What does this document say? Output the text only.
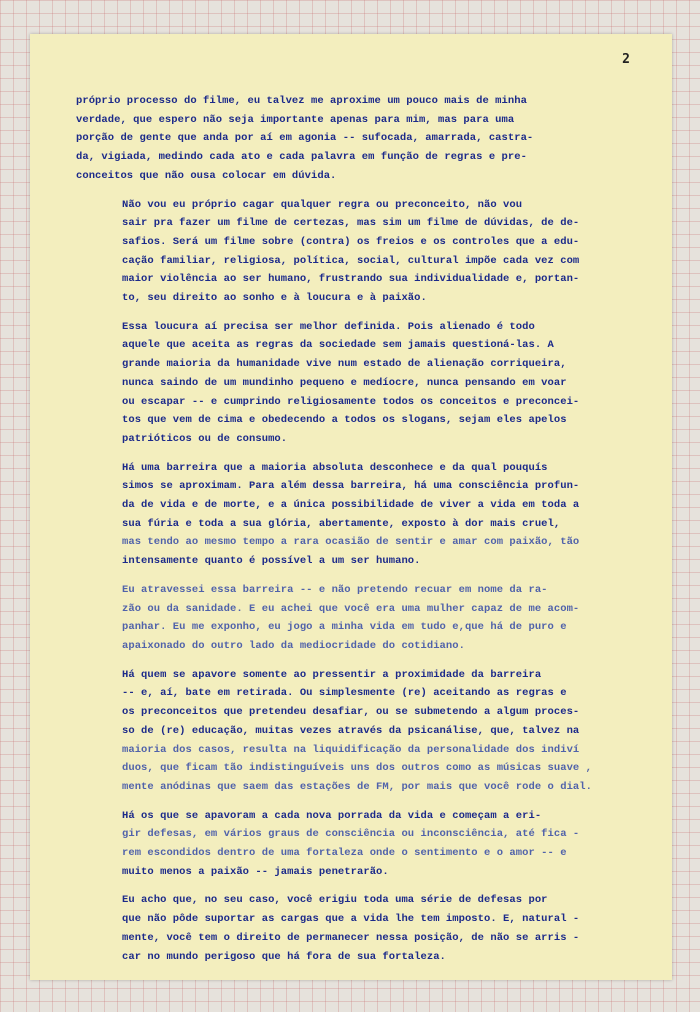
2
próprio processo do filme, eu talvez me aproxime um pouco mais de minha
verdade, que espero não seja importante apenas para mim, mas para uma
porção de gente que anda por aí em agonia -- sufocada, amarrada, castra-
da, vigiada, medindo cada ato e cada palavra em função de regras e pre-
conceitos que não ousa colocar em dúvida.
Não vou eu próprio cagar qualquer regra ou preconceito, não vou
sair pra fazer um filme de certezas, mas sim um filme de dúvidas, de de-
safios. Será um filme sobre (contra) os freios e os controles que a edu-
cação familiar, religiosa, política, social, cultural impõe cada vez com
maior violência ao ser humano, frustrando sua individualidade e, portan-
to, seu direito ao sonho e à loucura e à paixão.
Essa loucura aí precisa ser melhor definida. Pois alienado é todo
aquele que aceita as regras da sociedade sem jamais questioná-las. A
grande maioria da humanidade vive num estado de alienação corriqueira,
nunca saindo de um mundinho pequeno e medíocre, nunca pensando em voar
ou escapar -- e cumprindo religiosamente todos os conceitos e preconcei-
tos que vem de cima e obedecendo a todos os slogans, sejam eles apelos
patrióticos ou de consumo.
Há uma barreira que a maioria absoluta desconhece e da qual pouquís
simos se aproximam. Para além dessa barreira, há uma consciência profun-
da de vida e de morte, e a única possibilidade de viver a vida em toda a
sua fúria e toda a sua glória, abertamente, exposto à dor mais cruel,
mas tendo ao mesmo tempo a rara ocasião de sentir e amar com paixão, tão
intensamente quanto é possível a um ser humano.
Eu atravessei essa barreira -- e não pretendo recuar em nome da ra-
zão ou da sanidade. E eu achei que você era uma mulher capaz de me acom-
panhar. Eu me exponho, eu jogo a minha vida em tudo e,que há de puro e
apaixonado do outro lado da mediocridade do cotidiano.
Há quem se apavore somente ao pressentir a proximidade da barreira
-- e, aí, bate em retirada. Ou simplesmente (re) aceitando as regras e
os preconceitos que pretendeu desafiar, ou se submetendo a algum proces-
so de (re) educação, muitas vezes através da psicanálise, que, talvez na
maioria dos casos, resulta na liquidificação da personalidade dos indiví
duos, que ficam tão indistinguíveis uns dos outros como as músicas suave ,
mente anódinas que saem das estações de FM, por mais que você rode o dial.
Há os que se apavoram a cada nova porrada da vida e começam a eri-
gir defesas, em vários graus de consciência ou inconsciência, até fica -
rem escondidos dentro de uma fortaleza onde o sentimento e o amor -- e
muito menos a paixão -- jamais penetrarão.
Eu acho que, no seu caso, você erigiu toda uma série de defesas por
que não pôde suportar as cargas que a vida lhe tem imposto. E, natural -
mente, você tem o direito de permanecer nessa posição, de não se arris -
car no mundo perigoso que há fora de sua fortaleza.
